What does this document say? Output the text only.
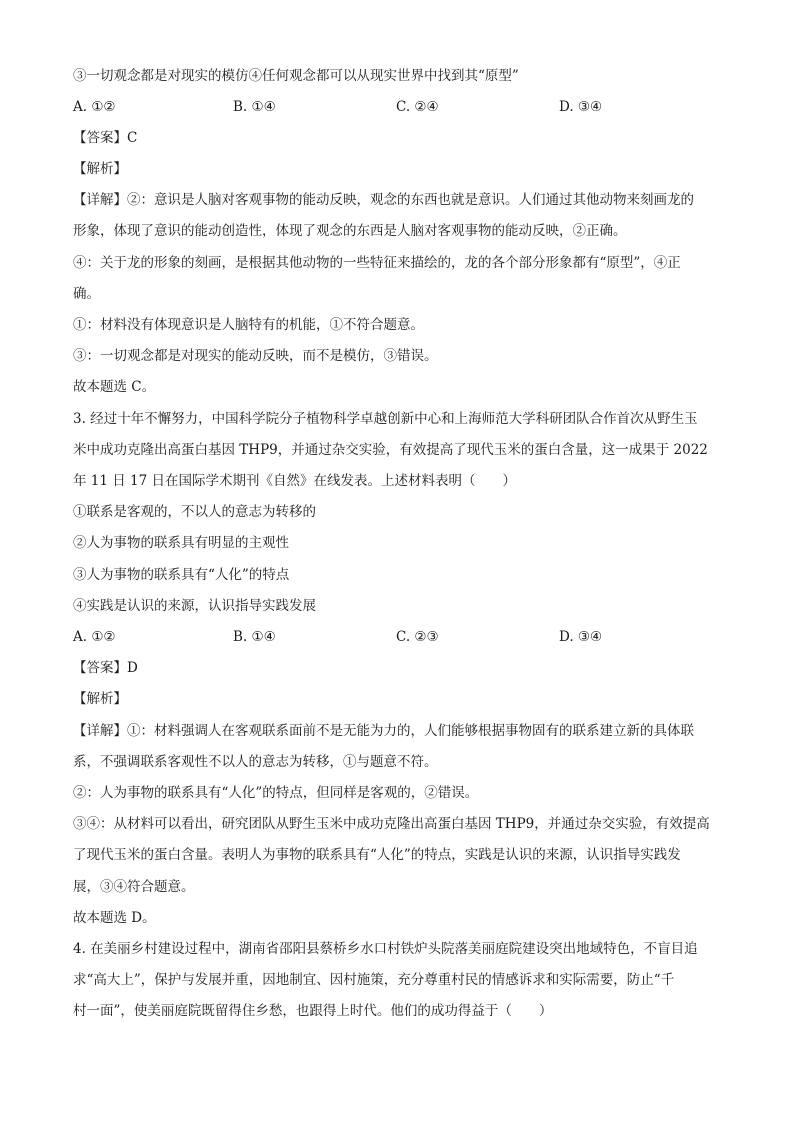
③一切观念都是对现实的模仿④任何观念都可以从现实世界中找到其“原型”
A. ①②	B. ①④	C. ②④	D. ③④
【答案】C
【解析】
【详解】②：意识是人脑对客观事物的能动反映，观念的东西也就是意识。人们通过其他动物来刻画龙的
形象，体现了意识的能动创造性，体现了观念的东西是人脑对客观事物的能动反映，②正确。
④：关于龙的形象的刻画，是根据其他动物的一些特征来描绘的，龙的各个部分形象都有“原型”，④正
确。
①：材料没有体现意识是人脑特有的机能，①不符合题意。
③：一切观念都是对现实的能动反映，而不是模仿，③错误。
故本题选 C。
3. 经过十年不懈努力，中国科学院分子植物科学卓越创新中心和上海师范大学科研团队合作首次从野生玉
米中成功克隆出高蛋白基因 THP9，并通过杂交实验，有效提高了现代玉米的蛋白含量，这一成果于 2022
年 11 日 17 日在国际学术期刊《自然》在线发表。上述材料表明（　　）
①联系是客观的，不以人的意志为转移的
②人为事物的联系具有明显的主观性
③人为事物的联系具有“人化”的特点
④实践是认识的来源，认识指导实践发展
A. ①②	B. ①④	C. ②③	D. ③④
【答案】D
【解析】
【详解】①：材料强调人在客观联系面前不是无能为力的，人们能够根据事物固有的联系建立新的具体联
系，不强调联系客观性不以人的意志为转移，①与题意不符。
②：人为事物的联系具有“人化”的特点，但同样是客观的，②错误。
③④：从材料可以看出，研究团队从野生玉米中成功克隆出高蛋白基因 THP9，并通过杂交实验，有效提高
了现代玉米的蛋白含量。表明人为事物的联系具有“人化”的特点，实践是认识的来源，认识指导实践发
展，③④符合题意。
故本题选 D。
4. 在美丽乡村建设过程中，湖南省邵阳县蔡桥乡水口村铁炉头院落美丽庭院建设突出地域特色，不盲目追
求“高大上”，保护与发展并重，因地制宜、因村施策，充分尊重村民的情感诉求和实际需要，防止“千
村一面”，使美丽庭院既留得住乡愁，也跟得上时代。他们的成功得益于（　　）
